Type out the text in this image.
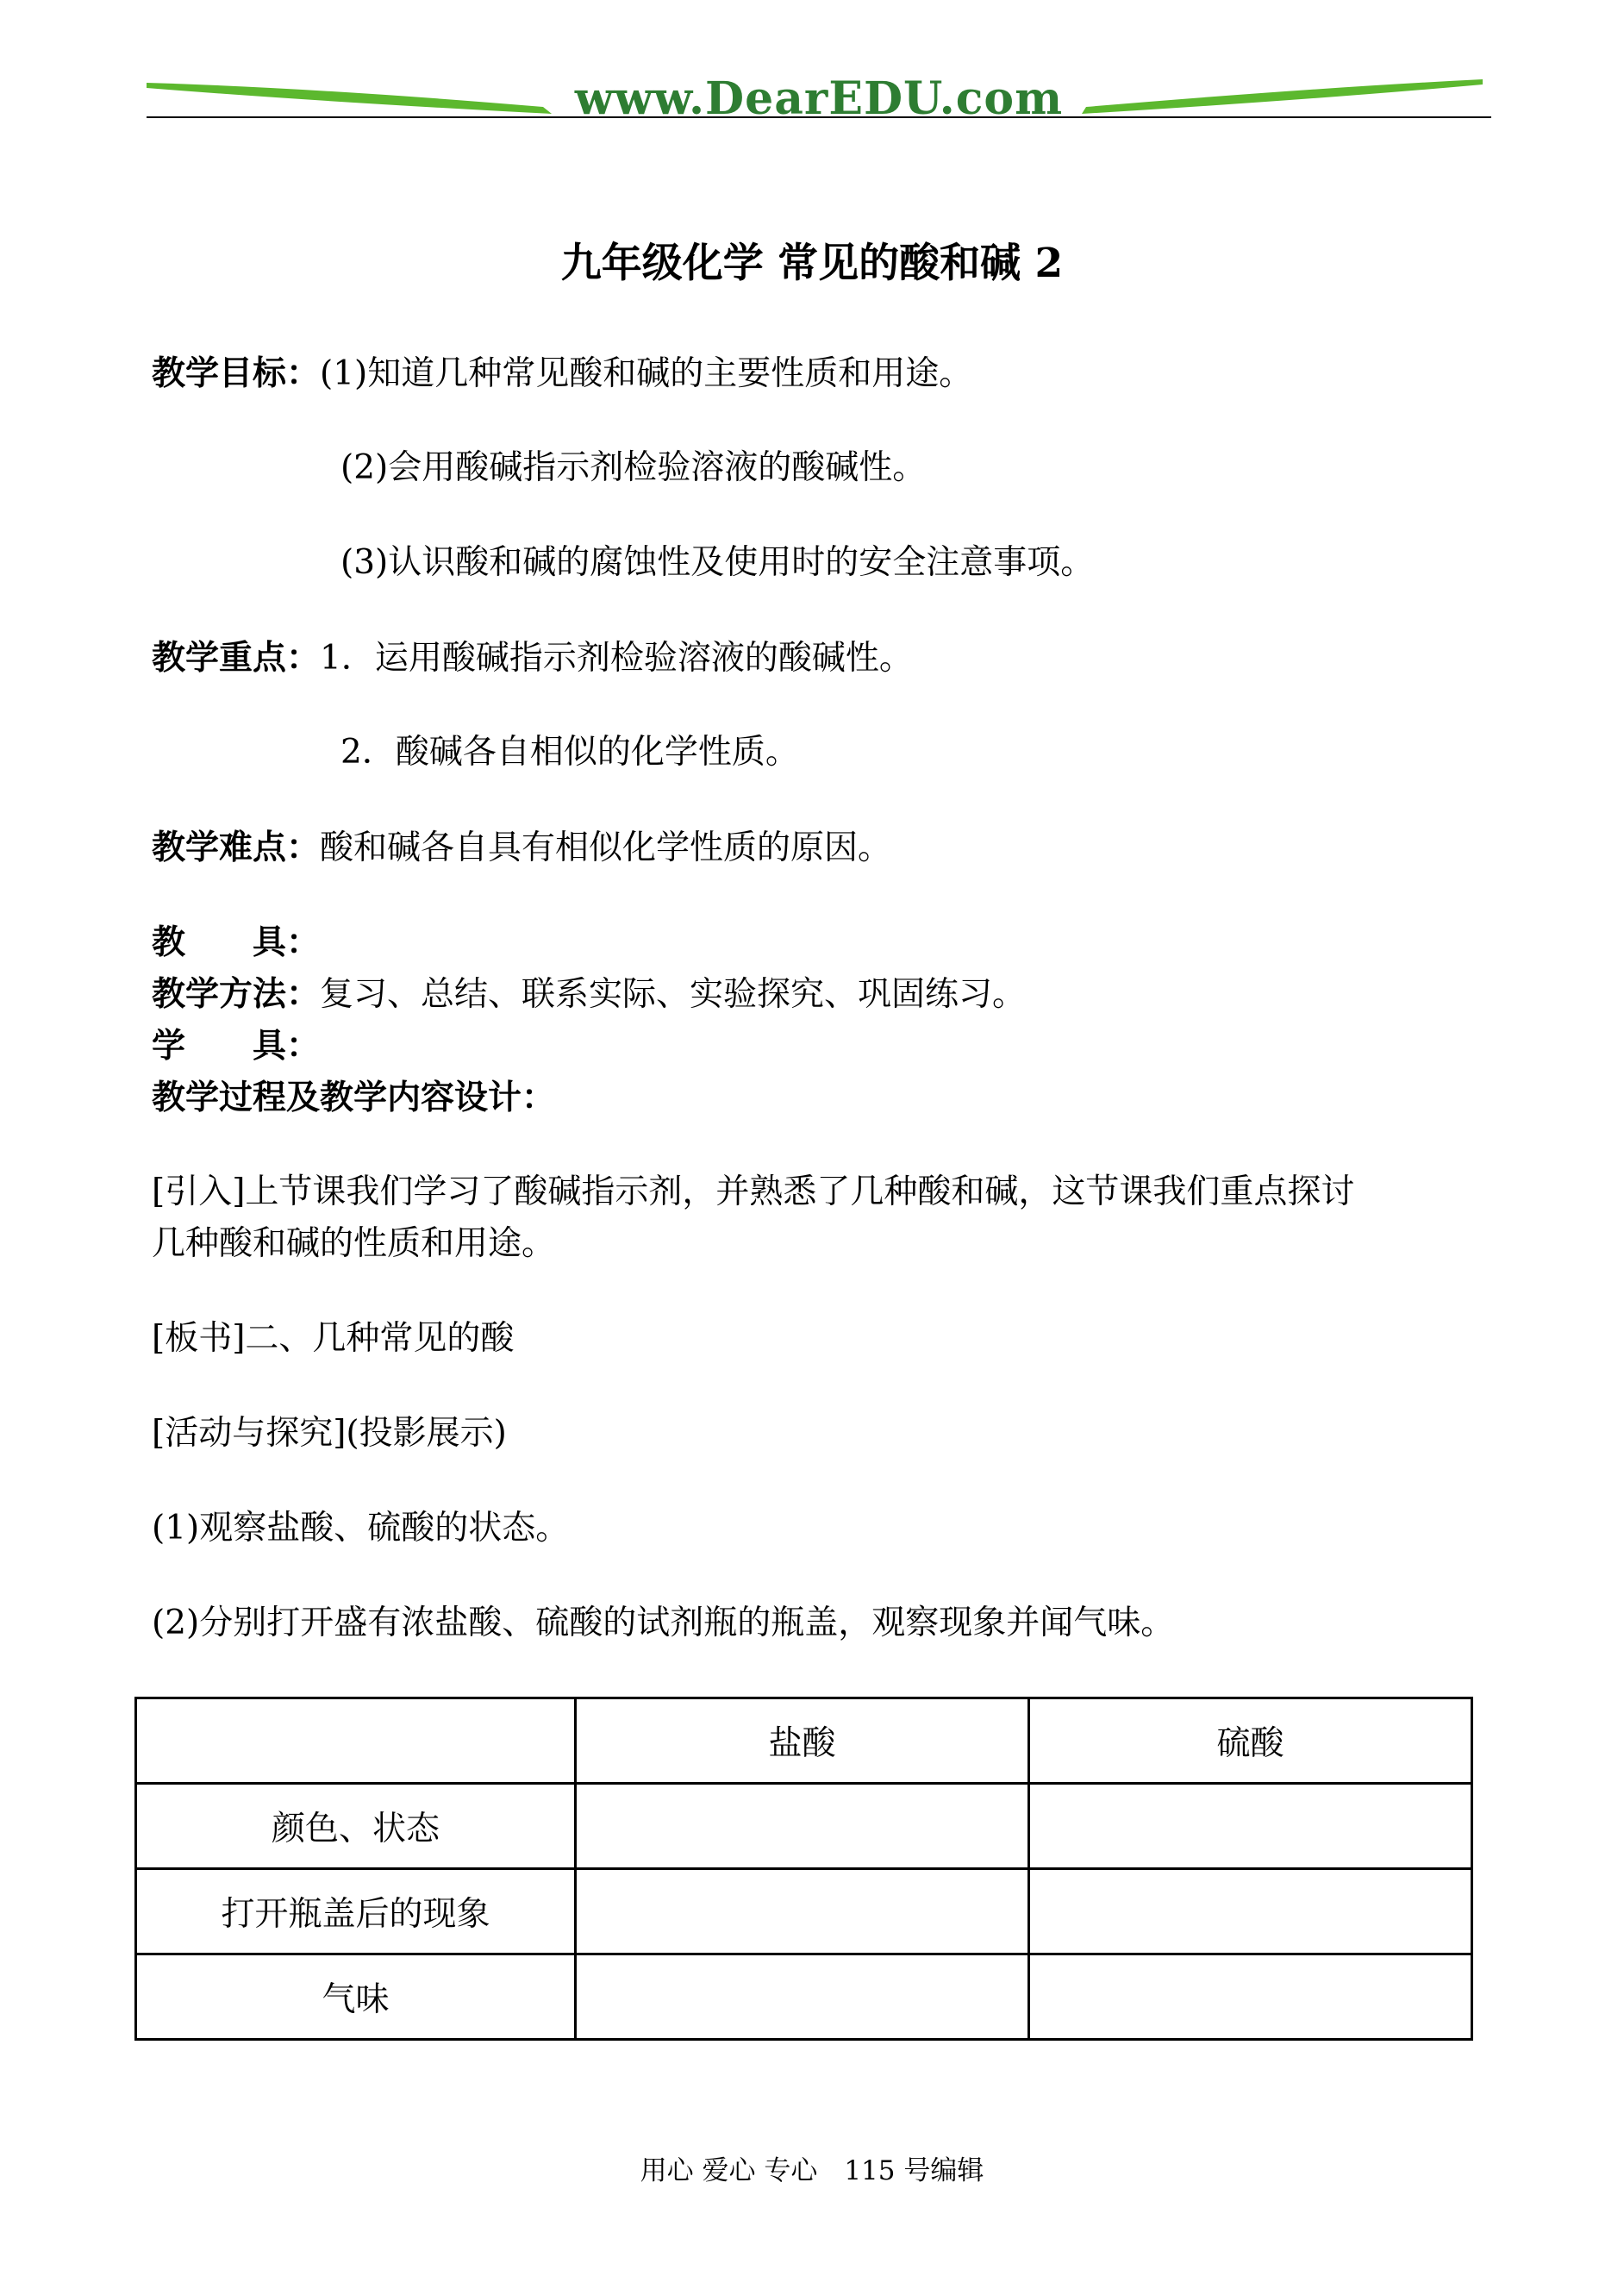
www.DearEDU.com
九年级化学 常见的酸和碱 2
教学目标：(1)知道几种常见酸和碱的主要性质和用途。
(2)会用酸碱指示剂检验溶液的酸碱性。
(3)认识酸和碱的腐蚀性及使用时的安全注意事项。
教学重点：1．运用酸碱指示剂检验溶液的酸碱性。
2．酸碱各自相似的化学性质。
教学难点：酸和碱各自具有相似化学性质的原因。
教　　具：
教学方法：复习、总结、联系实际、实验探究、巩固练习。
学　　具：
教学过程及教学内容设计：
[引入]上节课我们学习了酸碱指示剂，并熟悉了几种酸和碱，这节课我们重点探讨
几种酸和碱的性质和用途。
[板书]二、几种常见的酸
[活动与探究](投影展示)
(1)观察盐酸、硫酸的状态。
(2)分别打开盛有浓盐酸、硫酸的试剂瓶的瓶盖，观察现象并闻气味。
	盐酸	硫酸
颜色、状态		
打开瓶盖后的现象		
气味		
用心 爱心 专心　115 号编辑
